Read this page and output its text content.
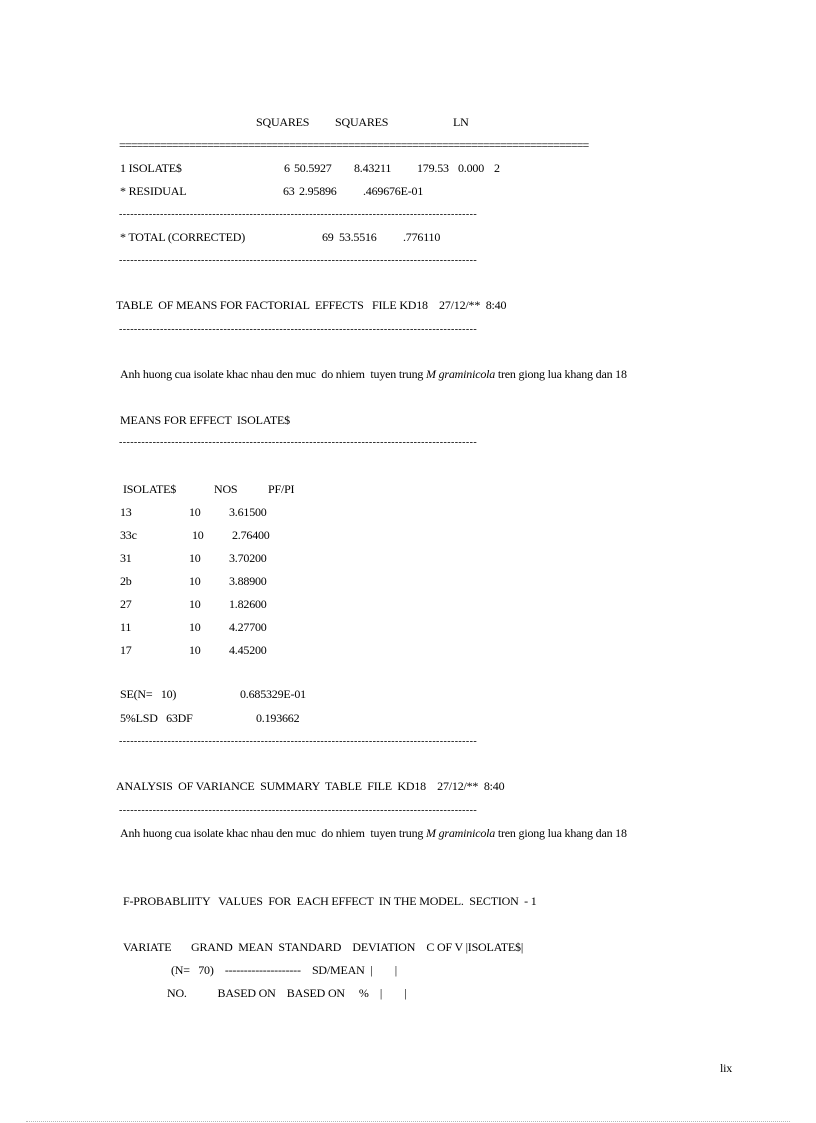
SQUARES SQUARES	LN
================================================================================
1 ISOLATE$	6 50.5927 8.43211 179.53 0.000 2
* RESIDUAL	63 2.95896 .469676E-01
------------------------------------------------------------------------------------------------
* TOTAL (CORRECTED)	69 53.5516 .776110
------------------------------------------------------------------------------------------------
TABLE  OF MEANS FOR FACTORIAL  EFFECTS   FILE KD18    27/12/**  8:40
------------------------------------------------------------------------------------------------
Anh huong cua isolate khac nhau den muc  do nhiem  tuyen trung M graminicola tren giong lua khang dan 18
MEANS FOR EFFECT  ISOLATE$
------------------------------------------------------------------------------------------------
ISOLATE$	NOS	PF/PI
13	10 3.61500
33c	10 2.76400
31	10 3.70200
2b	10 3.88900
27	10 1.82600
11	10 4.27700
17	10 4.45200
SE(N=   10)	0.685329E-01
5%LSD   63DF	0.193662
------------------------------------------------------------------------------------------------
ANALYSIS  OF VARIANCE  SUMMARY  TABLE  FILE  KD18    27/12/**  8:40
------------------------------------------------------------------------------------------------
Anh huong cua isolate khac nhau den muc  do nhiem  tuyen trung M graminicola tren giong lua khang dan 18
F-PROBABLIITY   VALUES  FOR  EACH EFFECT  IN THE MODEL.  SECTION  - 1
VARIATE       GRAND  MEAN  STANDARD    DEVIATION    C OF V |ISOLATE$|
(N=   70)    --------------------    SD/MEAN  |        |
NO.           BASED ON    BASED ON     %    |        |
lix
